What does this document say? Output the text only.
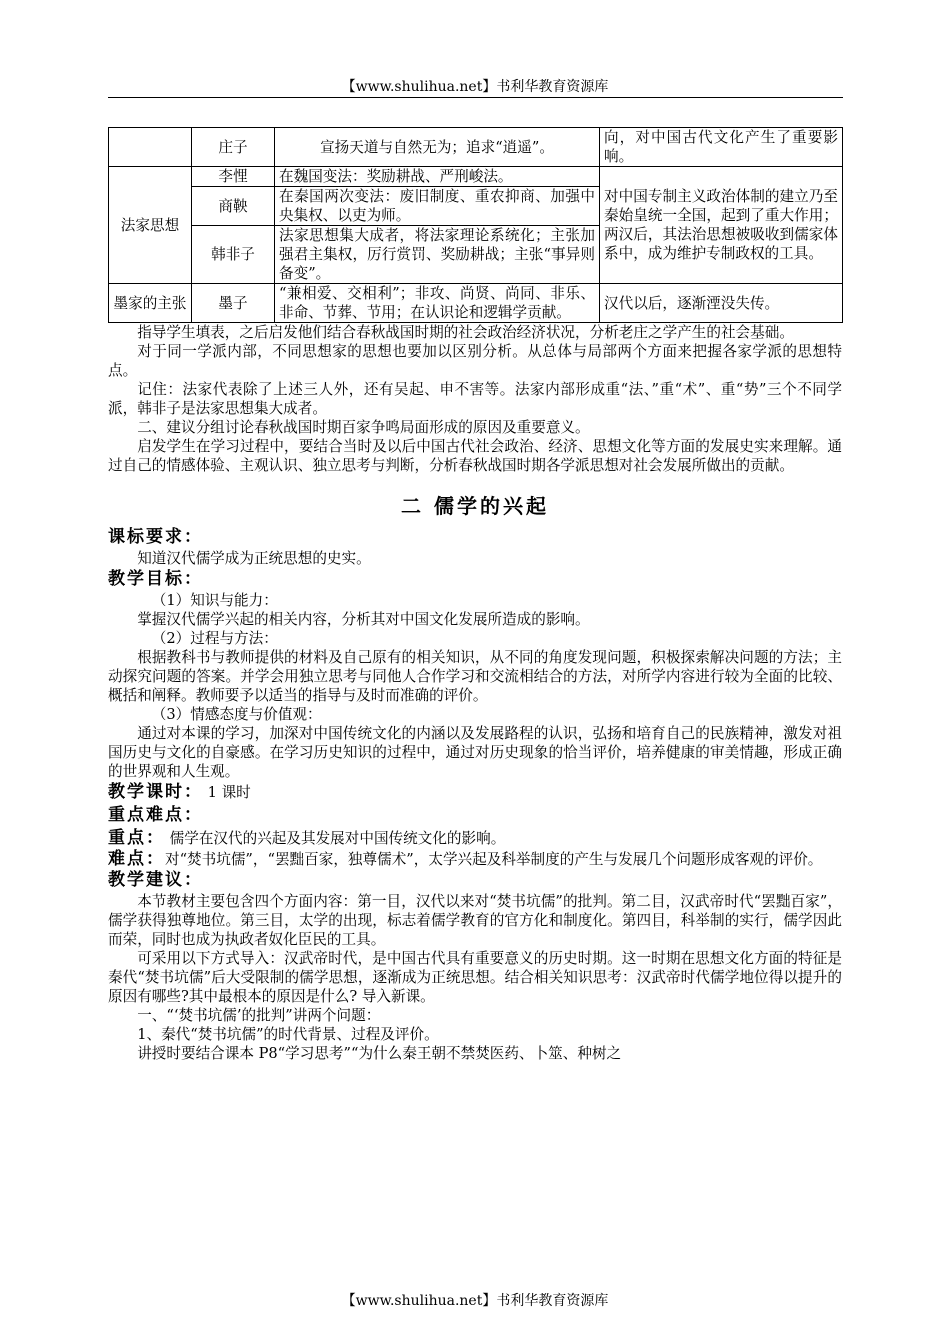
【www.shulihua.net】书利华教育资源库
	庄子	宣扬天道与自然无为；追求“逍遥”。	向，对中国古代文化产生了重要影响。
法家思想	李悝	在魏国变法：奖励耕战、严刑峻法。	对中国专制主义政治体制的建立乃至秦始皇统一全国，起到了重大作用；两汉后，其法治思想被吸收到儒家体系中，成为维护专制政权的工具。
	商鞅	在秦国两次变法：废旧制度、重农抑商、加强中央集权、以吏为师。	
	韩非子	法家思想集大成者，将法家理论系统化；主张加强君主集权，厉行赏罚、奖励耕战；主张“事异则备变”。	
墨家的主张	墨子	“兼相爱、交相利”；非攻、尚贤、尚同、非乐、非命、节葬、节用；在认识论和逻辑学贡献。	汉代以后，逐渐湮没失传。

指导学生填表，之后启发他们结合春秋战国时期的社会政治经济状况，分析老庄之学产生的社会基础。

对于同一学派内部，不同思想家的思想也要加以区别分析。从总体与局部两个方面来把握各家学派的思想特点。

记住：法家代表除了上述三人外，还有吴起、申不害等。法家内部形成重“法、”重“术”、重“势”三个不同学派，韩非子是法家思想集大成者。

二、建议分组讨论春秋战国时期百家争鸣局面形成的原因及重要意义。

启发学生在学习过程中，要结合当时及以后中国古代社会政治、经济、思想文化等方面的发展史实来理解。通过自己的情感体验、主观认识、独立思考与判断，分析春秋战国时期各学派思想对社会发展所做出的贡献。

二 儒学的兴起

课标要求：

知道汉代儒学成为正统思想的史实。

教学目标：

（1）知识与能力：

掌握汉代儒学兴起的相关内容，分析其对中国文化发展所造成的影响。

（2）过程与方法：

根据教科书与教师提供的材料及自己原有的相关知识，从不同的角度发现问题，积极探索解决问题的方法；主动探究问题的答案。并学会用独立思考与同他人合作学习和交流相结合的方法，对所学内容进行较为全面的比较、概括和阐释。教师要予以适当的指导与及时而准确的评价。

（3）情感态度与价值观：

通过对本课的学习，加深对中国传统文化的内涵以及发展路程的认识，弘扬和培育自己的民族精神，激发对祖国历史与文化的自豪感。在学习历史知识的过程中，通过对历史现象的恰当评价，培养健康的审美情趣，形成正确的世界观和人生观。

教学课时： 1 课时

重点难点：

重点： 儒学在汉代的兴起及其发展对中国传统文化的影响。

难点：对“焚书坑儒”，“罢黜百家，独尊儒术”，太学兴起及科举制度的产生与发展几个问题形成客观的评价。

教学建议：

本节教材主要包含四个方面内容：第一目，汉代以来对“焚书坑儒”的批判。第二目，汉武帝时代“罢黜百家”，儒学获得独尊地位。第三目，太学的出现，标志着儒学教育的官方化和制度化。第四目，科举制的实行，儒学因此而荣，同时也成为执政者奴化臣民的工具。

可采用以下方式导入：汉武帝时代，是中国古代具有重要意义的历史时期。这一时期在思想文化方面的特征是秦代“焚书坑儒”后大受限制的儒学思想，逐渐成为正统思想。结合相关知识思考：汉武帝时代儒学地位得以提升的原因有哪些?其中最根本的原因是什么? 导入新课。

一、“‘焚书坑儒’的批判”讲两个问题：

1、秦代“焚书坑儒”的时代背景、过程及评价。

讲授时要结合课本 P8“学习思考”“为什么秦王朝不禁焚医药、卜筮、种树之

【www.shulihua.net】书利华教育资源库
